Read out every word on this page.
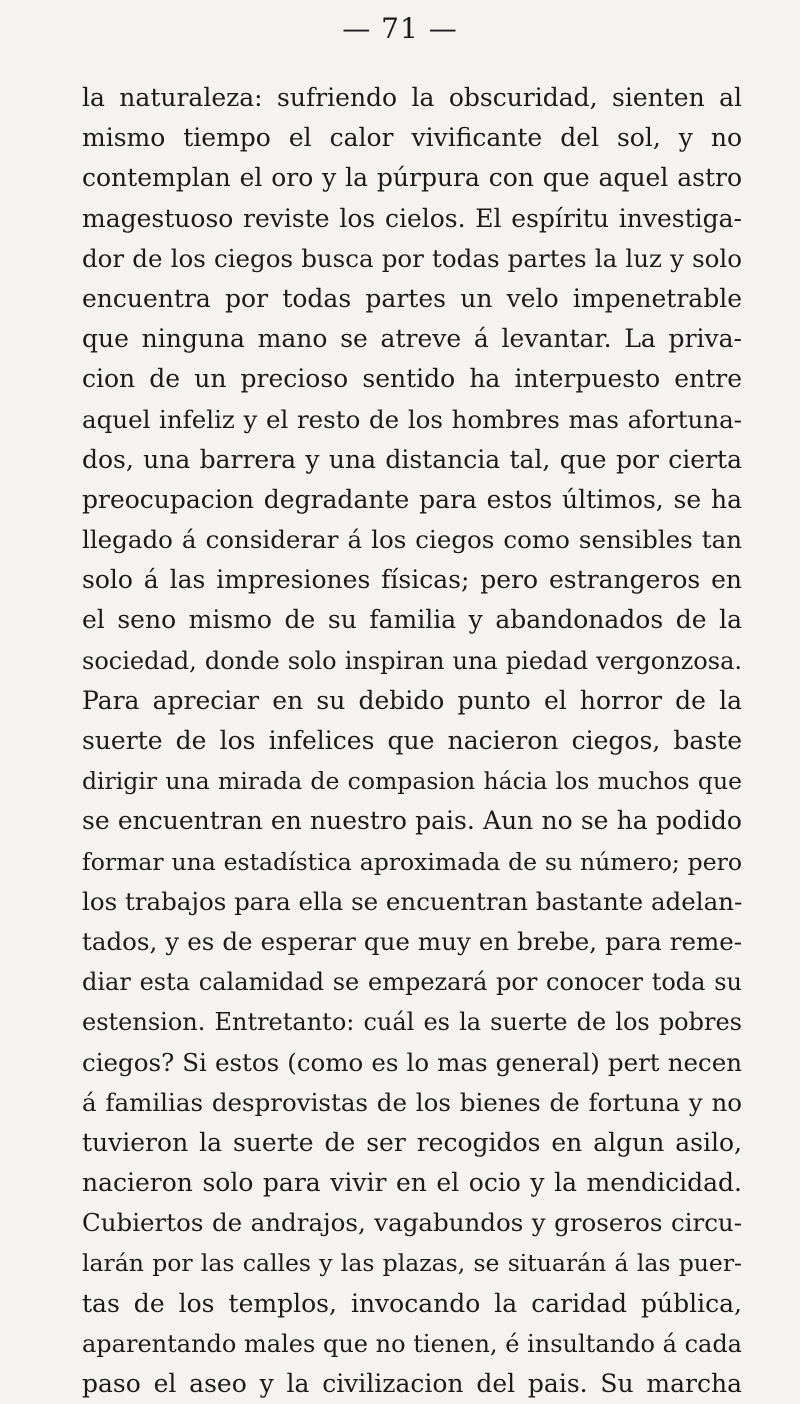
— 71 —
la naturaleza: sufriendo la obscuridad, sienten al
mismo tiempo el calor vivificante del sol, y no
contemplan el oro y la púrpura con que aquel astro
magestuoso reviste los cielos. El espíritu investiga-
dor de los ciegos busca por todas partes la luz y solo
encuentra por todas partes un velo impenetrable
que ninguna mano se atreve á levantar. La priva-
cion de un precioso sentido ha interpuesto entre
aquel infeliz y el resto de los hombres mas afortuna-
dos, una barrera y una distancia tal, que por cierta
preocupacion degradante para estos últimos, se ha
llegado á considerar á los ciegos como sensibles tan
solo á las impresiones físicas; pero estrangeros en
el seno mismo de su familia y abandonados de la
sociedad, donde solo inspiran una piedad vergonzosa.
Para apreciar en su debido punto el horror de la
suerte de los infelices que nacieron ciegos, baste
dirigir una mirada de compasion hácia los muchos que
se encuentran en nuestro pais. Aun no se ha podido
formar una estadística aproximada de su número; pero
los trabajos para ella se encuentran bastante adelan-
tados, y es de esperar que muy en brebe, para reme-
diar esta calamidad se empezará por conocer toda su
estension. Entretanto: cuál es la suerte de los pobres
ciegos? Si estos (como es lo mas general) pert necen
á familias desprovistas de los bienes de fortuna y no
tuvieron la suerte de ser recogidos en algun asilo,
nacieron solo para vivir en el ocio y la mendicidad.
Cubiertos de andrajos, vagabundos y groseros circu-
larán por las calles y las plazas, se situarán á las puer-
tas de los templos, invocando la caridad pública,
aparentando males que no tienen, é insultando á cada
paso el aseo y la civilizacion del pais. Su marcha
